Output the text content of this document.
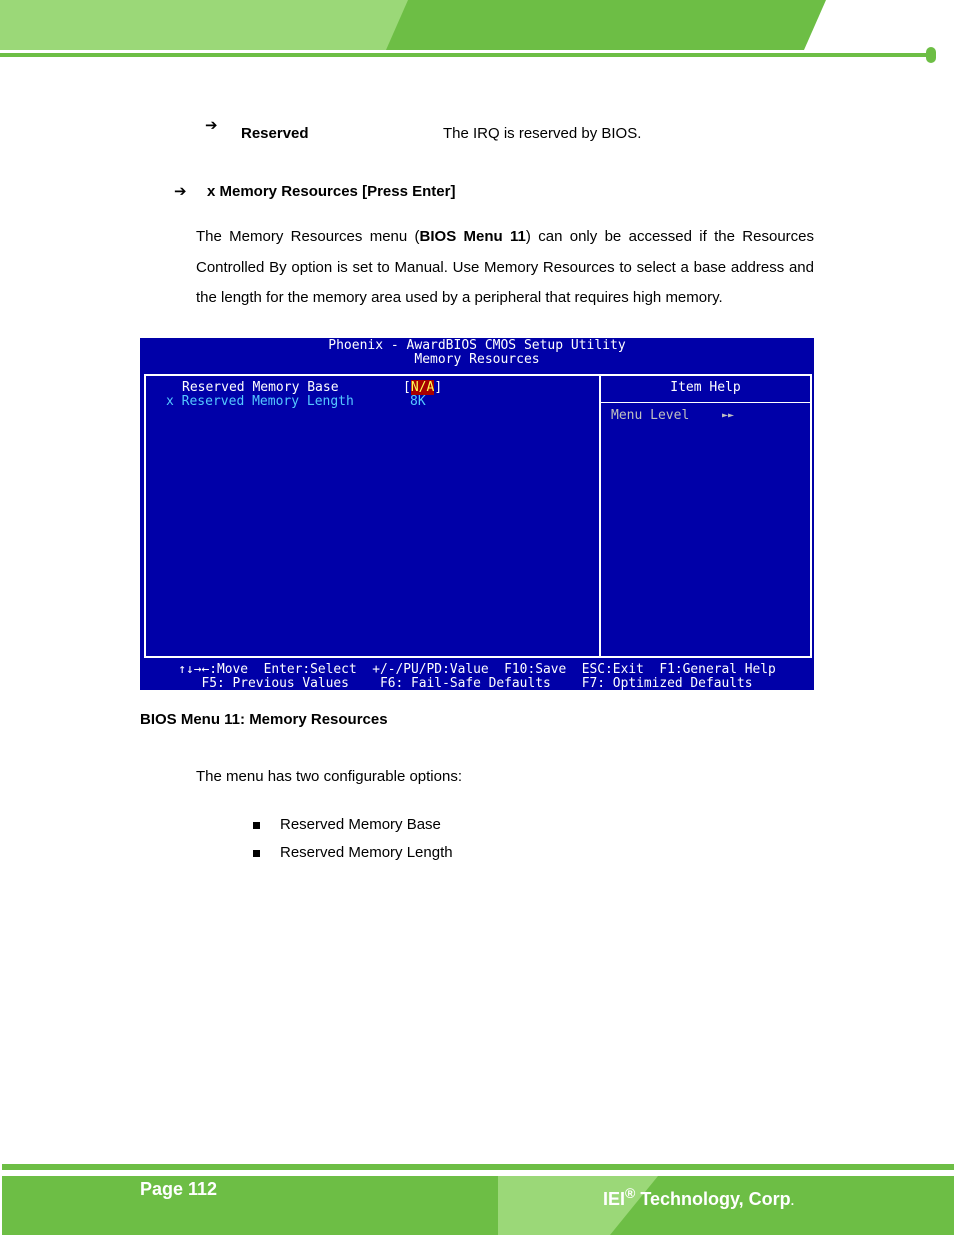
➔ Reserved	The IRQ is reserved by BIOS.
➔ x Memory Resources [Press Enter]
The Memory Resources menu (BIOS Menu 11) can only be accessed if the Resources Controlled By option is set to Manual. Use Memory Resources to select a base address and the length for the memory area used by a peripheral that requires high memory.
Phoenix - AwardBIOS CMOS Setup Utility
Memory Resources
Reserved Memory Base	[N/A]
x Reserved Memory Length	8K
Item Help
Menu Level	►►
↑↓→←:Move  Enter:Select  +/-/PU/PD:Value  F10:Save  ESC:Exit  F1:General Help
F5: Previous Values    F6: Fail-Safe Defaults    F7: Optimized Defaults
BIOS Menu 11: Memory Resources
The menu has two configurable options:
Reserved Memory Base
Reserved Memory Length
Page 112	IEI® Technology, Corp.
